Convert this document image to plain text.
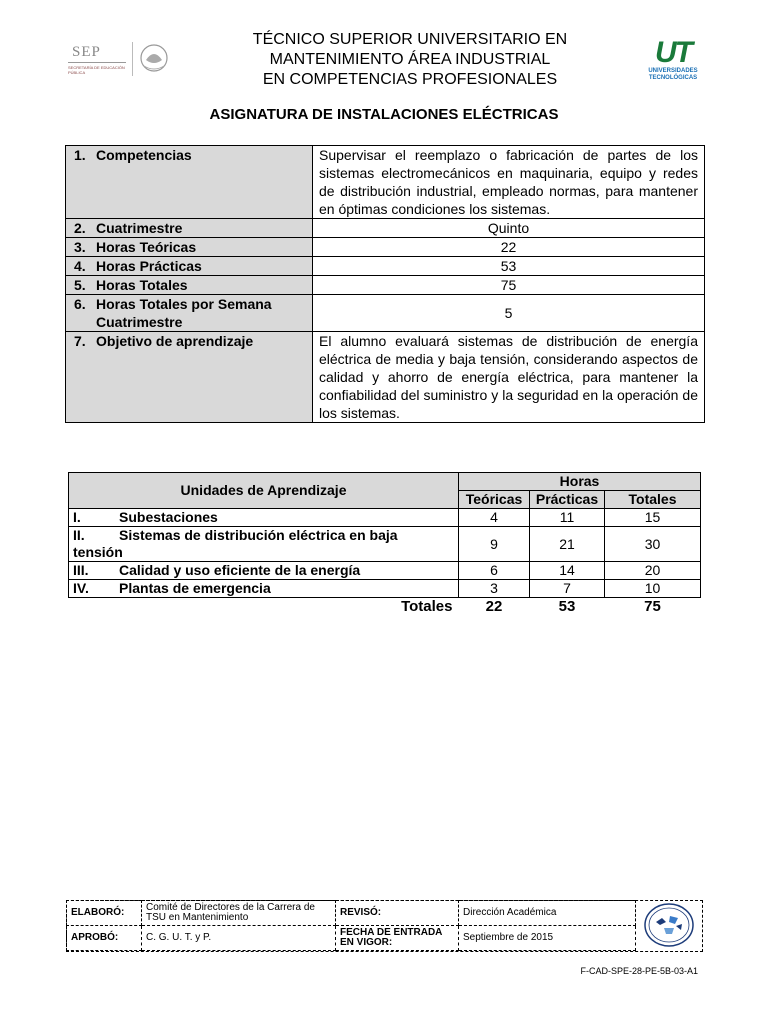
SEP
SECRETARÍA DE EDUCACIÓN PÚBLICA
TÉCNICO SUPERIOR UNIVERSITARIO EN
MANTENIMIENTO ÁREA INDUSTRIAL
EN COMPETENCIAS PROFESIONALES
UT
UNIVERSIDADES
TECNOLÓGICAS
ASIGNATURA DE INSTALACIONES ELÉCTRICAS
1. Competencias	Supervisar el reemplazo o fabricación de partes de los sistemas electromecánicos en maquinaria, equipo y redes de distribución industrial, empleado normas, para mantener en óptimas condiciones los sistemas.
2. Cuatrimestre	Quinto
3. Horas Teóricas	22
4. Horas Prácticas	53
5. Horas Totales	75
6. Horas Totales por Semana
Cuatrimestre	5
7. Objetivo de aprendizaje	El alumno evaluará sistemas de distribución de energía eléctrica de media y baja tensión, considerando aspectos de calidad y ahorro de energía eléctrica, para mantener la confiabilidad del suministro y la seguridad en la operación de los sistemas.
Unidades de Aprendizaje	Horas		
	Teóricas	Prácticas	Totales
I. Subestaciones	4	11	15
II. Sistemas de distribución eléctrica en baja
tensión	9	21	30
III. Calidad y uso eficiente de la energía	6	14	20
IV. Plantas de emergencia	3	7	10
Totales	22	53	75
ELABORÓ:	Comité de Directores de la Carrera de TSU en Mantenimiento	REVISÓ:	Dirección Académica
APROBÓ:	C. G. U. T. y P.	FECHA DE ENTRADA EN VIGOR:	Septiembre de 2015
F-CAD-SPE-28-PE-5B-03-A1
